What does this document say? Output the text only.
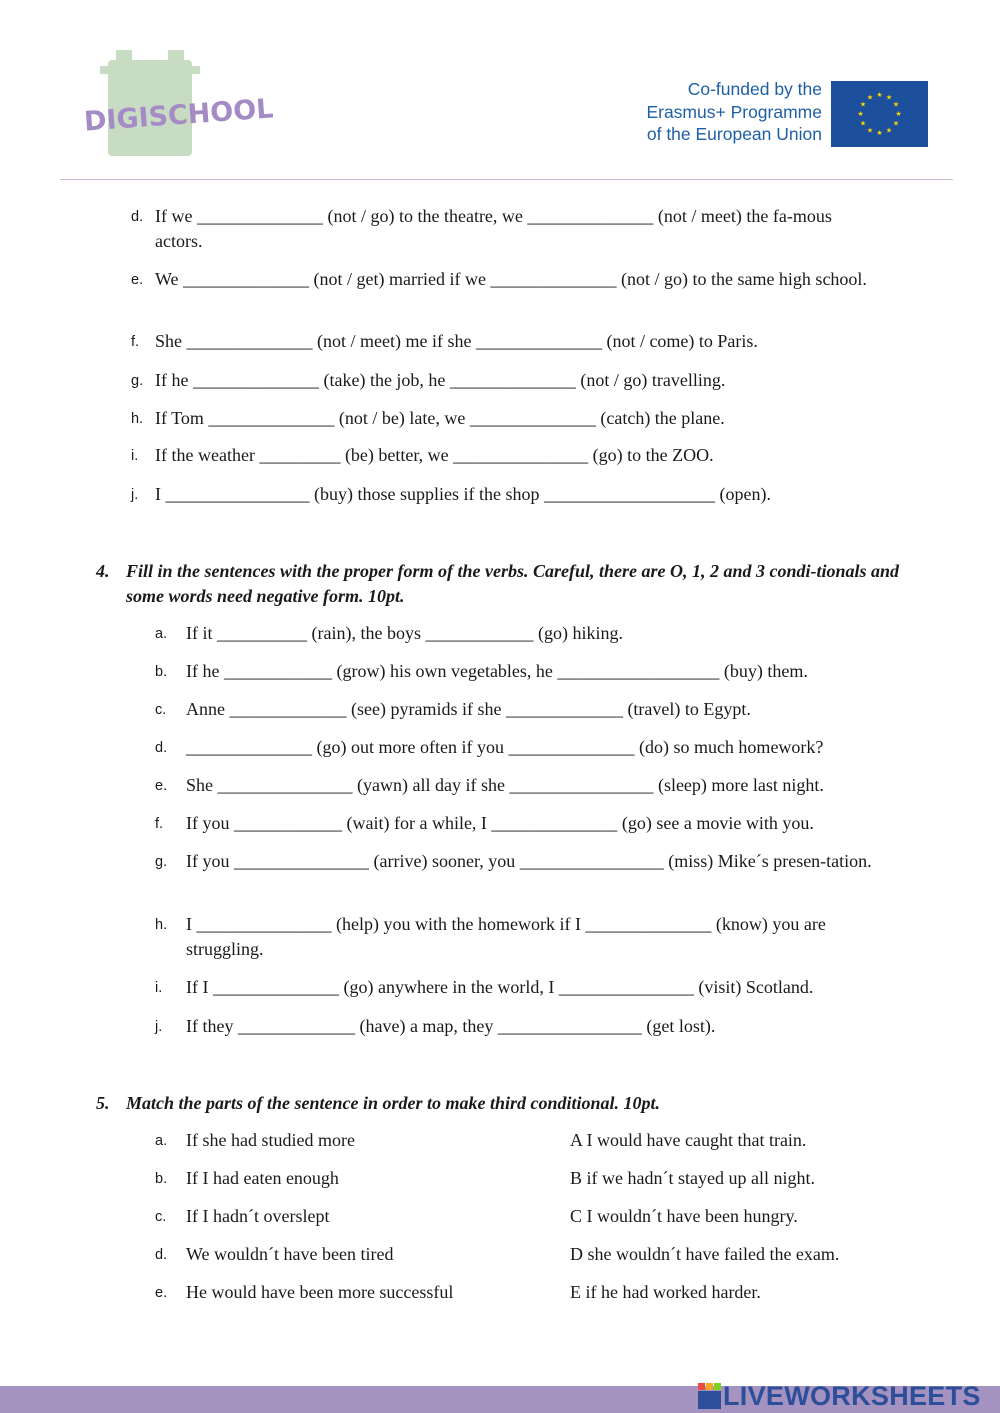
DIGISCHOOL
Co-funded by the
Erasmus+ Programme
of the European Union
★ ★
★
★
★
★
★
★
★
★
★
★
d. If we ______________ (not / go) to the theatre, we ______________ (not / meet) the fa-mous actors.
e. We ______________ (not / get) married if we ______________ (not / go) to the same high school.
f. She ______________ (not / meet) me if she ______________ (not / come) to Paris.
g. If he ______________ (take) the job, he ______________ (not / go) travelling.
h. If Tom ______________ (not / be) late, we ______________ (catch) the plane.
i. If the weather _________ (be) better, we _______________ (go) to the ZOO.
j. I ________________ (buy) those supplies if the shop ___________________ (open).
4. Fill in the sentences with the proper form of the verbs. Careful, there are O, 1, 2 and 3 condi-tionals and some words need negative form. 10pt.
a. If it __________ (rain), the boys ____________ (go) hiking.
b. If he ____________ (grow) his own vegetables, he __________________ (buy) them.
c. Anne _____________ (see) pyramids if she _____________ (travel) to Egypt.
d. ______________ (go) out more often if you ______________ (do) so much homework?
e. She _______________ (yawn) all day if she ________________ (sleep) more last night.
f. If you ____________ (wait) for a while, I ______________ (go) see a movie with you.
g. If you _______________ (arrive) sooner, you ________________ (miss) Mike´s presen-tation.
h. I _______________ (help) you with the homework if I ______________ (know) you are struggling.
i. If I ______________ (go) anywhere in the world, I _______________ (visit) Scotland.
j. If they _____________ (have) a map, they ________________ (get lost).
5. Match the parts of the sentence in order to make third conditional. 10pt.
a. If she had studied more	A I would have caught that train.
b. If I had eaten enough	B if we hadn´t stayed up all night.
c. If I hadn´t overslept	C I wouldn´t have been hungry.
d. We wouldn´t have been tired	D she wouldn´t have failed the exam.
e. He would have been more successful	E if he had worked harder.
LIVEWORKSHEETS
